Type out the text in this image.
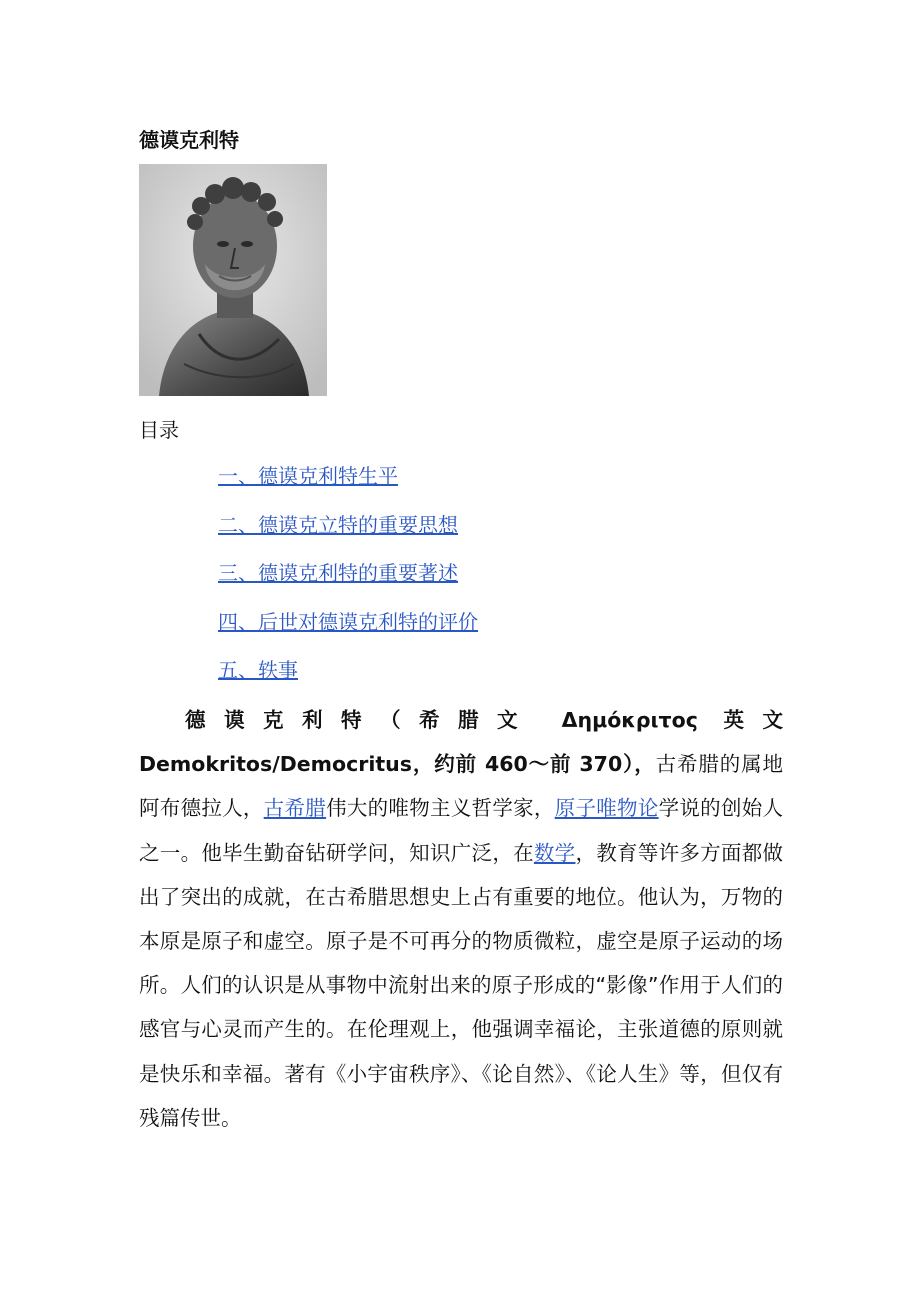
德谟克利特
目录
一、德谟克利特生平
二、德谟克立特的重要思想
三、德谟克利特的重要著述
四、后世对德谟克利特的评价
五、轶事

德谟克利特（希腊文 Δημόκριτος 英文 Demokritos/Democritus，约前 460～前 370），古希腊的属地阿布德拉人，古希腊伟大的唯物主义哲学家，原子唯物论学说的创始人之一。他毕生勤奋钻研学问，知识广泛，在数学，教育等许多方面都做出了突出的成就，在古希腊思想史上占有重要的地位。他认为，万物的本原是原子和虚空。原子是不可再分的物质微粒，虚空是原子运动的场所。人们的认识是从事物中流射出来的原子形成的“影像”作用于人们的感官与心灵而产生的。在伦理观上，他强调幸福论，主张道德的原则就是快乐和幸福。著有《小宇宙秩序》、《论自然》、《论人生》等，但仅有残篇传世。
